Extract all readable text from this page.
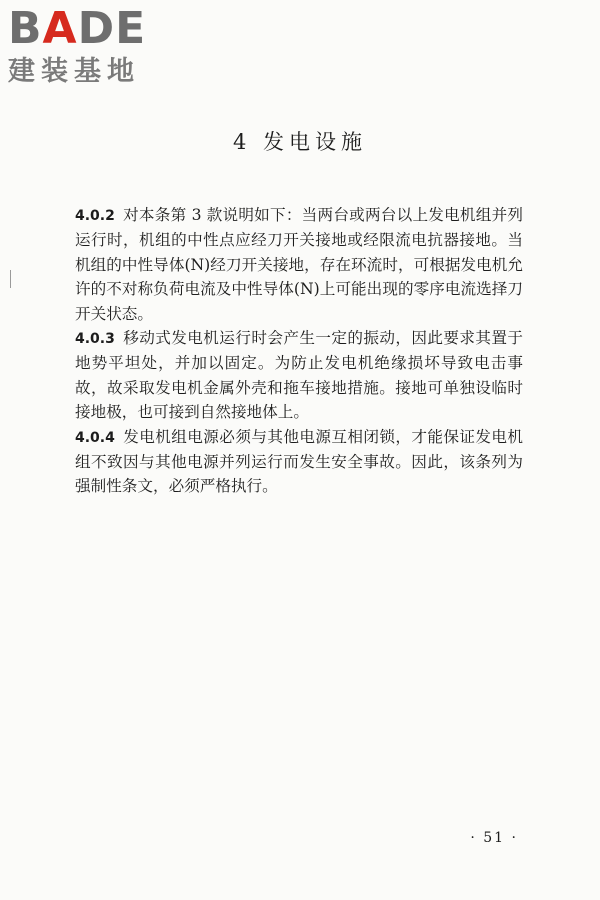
BADE
建装基地
4 发电设施

4.0.2 对本条第 3 款说明如下：当两台或两台以上发电机组并列运行时，机组的中性点应经刀开关接地或经限流电抗器接地。当机组的中性导体(N)经刀开关接地，存在环流时，可根据发电机允许的不对称负荷电流及中性导体(N)上可能出现的零序电流选择刀开关状态。

4.0.3 移动式发电机运行时会产生一定的振动，因此要求其置于地势平坦处，并加以固定。为防止发电机绝缘损坏导致电击事故，故采取发电机金属外壳和拖车接地措施。接地可单独设临时接地极，也可接到自然接地体上。

4.0.4 发电机组电源必须与其他电源互相闭锁，才能保证发电机组不致因与其他电源并列运行而发生安全事故。因此，该条列为强制性条文，必须严格执行。

· 51 ·
